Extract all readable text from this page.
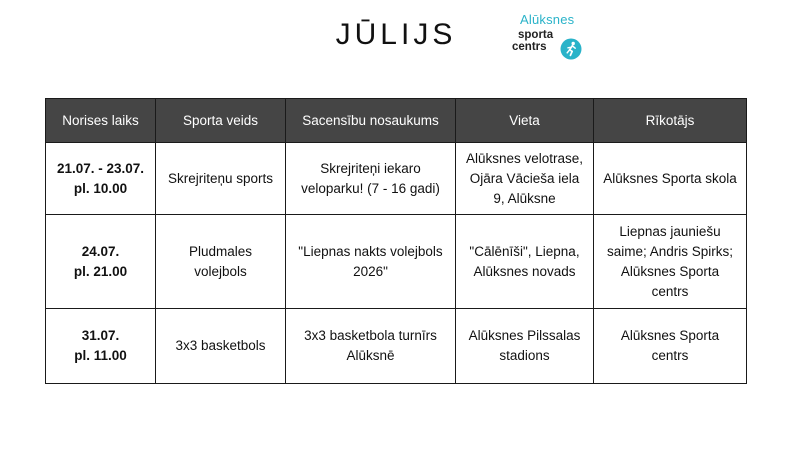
JŪLIJS	Alūksnes
sporta
centrs
Norises laiks	Sporta veids	Sacensību nosaukums	Vieta	Rīkotājs

21.07. - 23.07.
pl. 10.00	Skrejriteņu sports	Skrejriteņi iekaro
veloparku! (7 - 16 gadi)	Alūksnes velotrase,
Ojāra Vācieša iela
9, Alūksne	Alūksnes Sporta skola

24.07.
pl. 21.00	Pludmales
volejbols	"Liepnas nakts volejbols
2026"	"Cālēnīši", Liepna,
Alūksnes novads	Liepnas jauniešu
saime; Andris Spirks;
Alūksnes Sporta
centrs

31.07.
pl. 11.00	3x3 basketbols	3x3 basketbola turnīrs
Alūksnē	Alūksnes Pilssalas
stadions	Alūksnes Sporta
centrs
